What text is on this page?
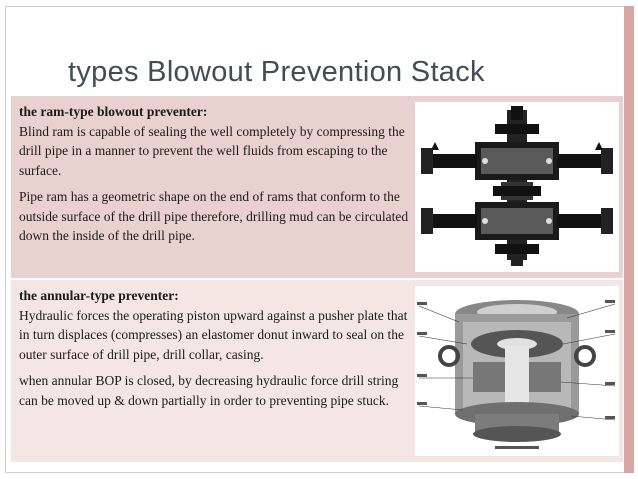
types Blowout Prevention Stack

the ram-type blowout preventer:

Blind ram is capable of sealing the well completely by compressing the drill pipe in a manner to prevent the well fluids from escaping to the surface.

Pipe ram has a geometric shape on the end of rams that conform to the outside surface of the drill pipe therefore, drilling mud can be circulated down the inside of the drill pipe.

the annular-type preventer:

Hydraulic forces the operating piston upward against a pusher plate that in turn displaces (compresses) an elastomer donut inward to seal on the outer surface of drill pipe, drill collar, casing.

when annular BOP is closed, by decreasing hydraulic force drill string can be moved up & down partially in order to preventing pipe stuck.
